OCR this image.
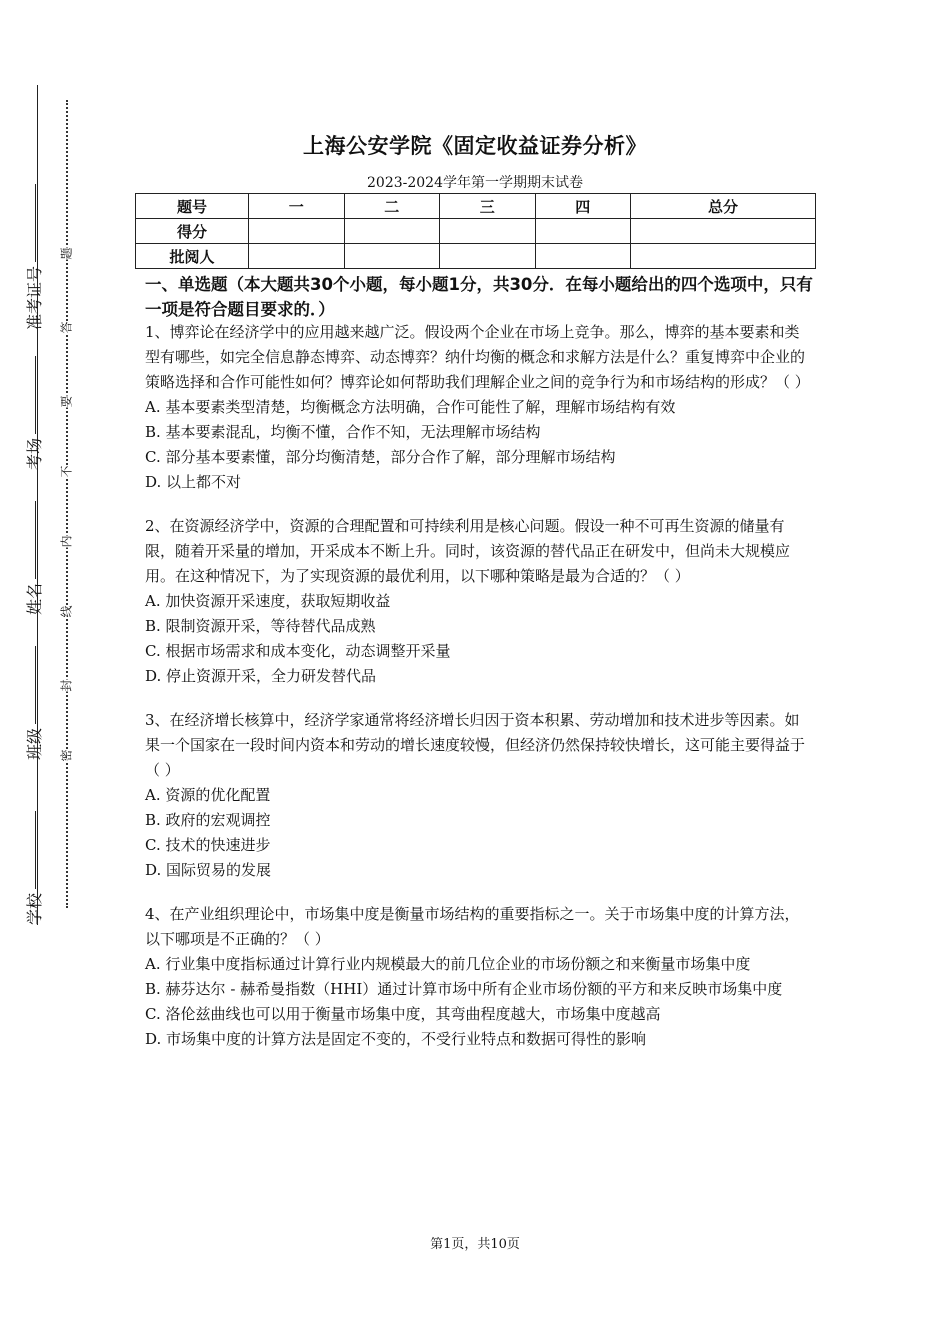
准考证号
考场
姓名
班级
学校
题
答
要
不
内
线
封
密
上海公安学院《固定收益证券分析》
2023-2024学年第一学期期末试卷
题号	一	二	三	四	总分
得分					
批阅人					
一、单选题（本大题共30个小题，每小题1分，共30分．在每小题给出的四个选项中，只有一项是符合题目要求的．）

1、博弈论在经济学中的应用越来越广泛。假设两个企业在市场上竞争。那么，博弈的基本要素和类型有哪些，如完全信息静态博弈、动态博弈？纳什均衡的概念和求解方法是什么？重复博弈中企业的策略选择和合作可能性如何？博弈论如何帮助我们理解企业之间的竞争行为和市场结构的形成？（ ）

A. 基本要素类型清楚，均衡概念方法明确，合作可能性了解，理解市场结构有效

B. 基本要素混乱，均衡不懂，合作不知，无法理解市场结构

C. 部分基本要素懂，部分均衡清楚，部分合作了解，部分理解市场结构

D. 以上都不对

2、在资源经济学中，资源的合理配置和可持续利用是核心问题。假设一种不可再生资源的储量有限，随着开采量的增加，开采成本不断上升。同时，该资源的替代品正在研发中，但尚未大规模应用。在这种情况下，为了实现资源的最优利用，以下哪种策略是最为合适的？（ ）

A. 加快资源开采速度，获取短期收益

B. 限制资源开采，等待替代品成熟

C. 根据市场需求和成本变化，动态调整开采量

D. 停止资源开采，全力研发替代品

3、在经济增长核算中，经济学家通常将经济增长归因于资本积累、劳动增加和技术进步等因素。如果一个国家在一段时间内资本和劳动的增长速度较慢，但经济仍然保持较快增长，这可能主要得益于（ ）

A. 资源的优化配置

B. 政府的宏观调控

C. 技术的快速进步

D. 国际贸易的发展

4、在产业组织理论中，市场集中度是衡量市场结构的重要指标之一。关于市场集中度的计算方法，以下哪项是不正确的？（ ）

A. 行业集中度指标通过计算行业内规模最大的前几位企业的市场份额之和来衡量市场集中度

B. 赫芬达尔 - 赫希曼指数（HHI）通过计算市场中所有企业市场份额的平方和来反映市场集中度

C. 洛伦兹曲线也可以用于衡量市场集中度，其弯曲程度越大，市场集中度越高

D. 市场集中度的计算方法是固定不变的，不受行业特点和数据可得性的影响

第1页，共10页
